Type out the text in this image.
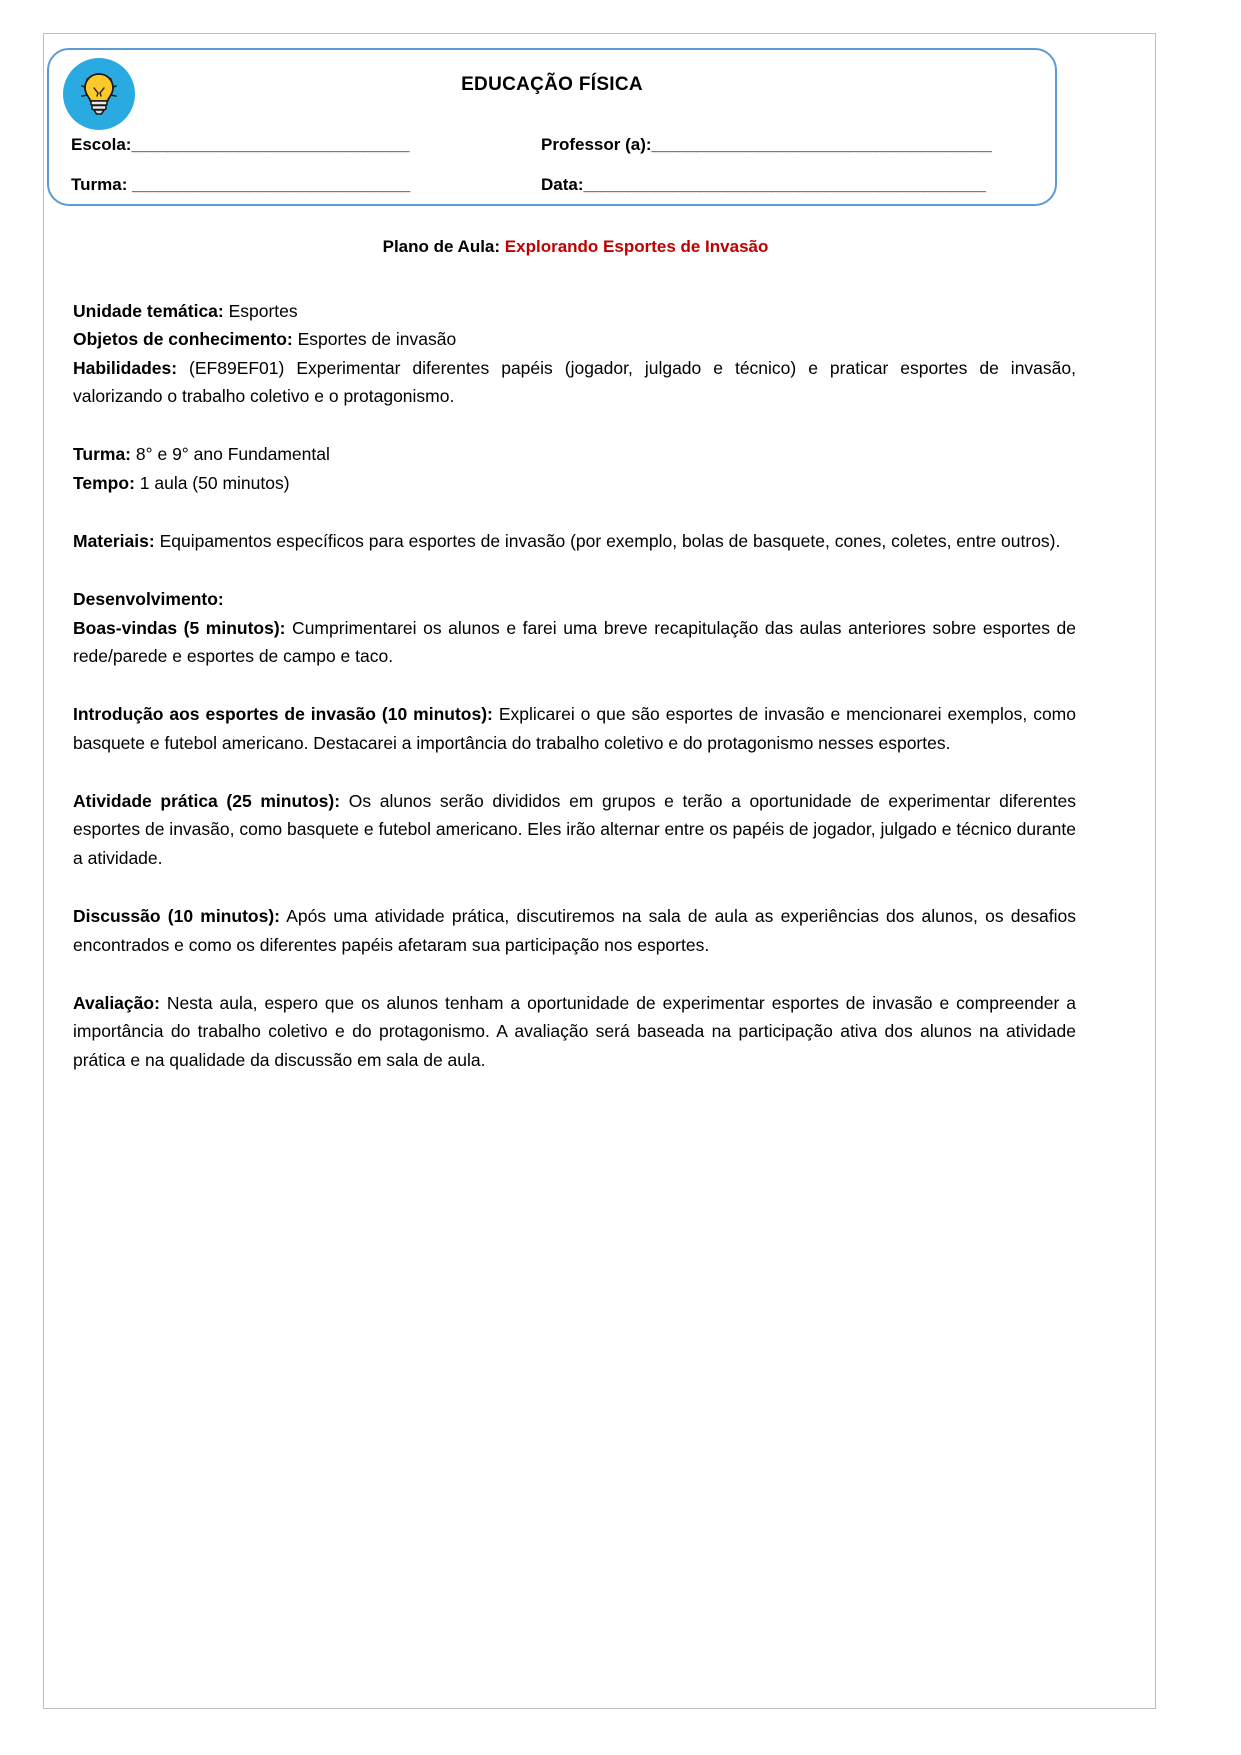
EDUCAÇÃO FÍSICA
Escola:_______________________________	Professor (a):______________________________________
Turma: _______________________________	Data:_____________________________________________
Plano de Aula: Explorando Esportes de Invasão

Unidade temática: Esportes

Objetos de conhecimento: Esportes de invasão

Habilidades: (EF89EF01) Experimentar diferentes papéis (jogador, julgado e técnico) e praticar esportes de invasão, valorizando o trabalho coletivo e o protagonismo.

Turma: 8° e 9° ano Fundamental

Tempo: 1 aula (50 minutos)

Materiais: Equipamentos específicos para esportes de invasão (por exemplo, bolas de basquete, cones, coletes, entre outros).

Desenvolvimento:

Boas-vindas (5 minutos): Cumprimentarei os alunos e farei uma breve recapitulação das aulas anteriores sobre esportes de rede/parede e esportes de campo e taco.

Introdução aos esportes de invasão (10 minutos): Explicarei o que são esportes de invasão e mencionarei exemplos, como basquete e futebol americano. Destacarei a importância do trabalho coletivo e do protagonismo nesses esportes.

Atividade prática (25 minutos): Os alunos serão divididos em grupos e terão a oportunidade de experimentar diferentes esportes de invasão, como basquete e futebol americano. Eles irão alternar entre os papéis de jogador, julgado e técnico durante a atividade.

Discussão (10 minutos): Após uma atividade prática, discutiremos na sala de aula as experiências dos alunos, os desafios encontrados e como os diferentes papéis afetaram sua participação nos esportes.

Avaliação: Nesta aula, espero que os alunos tenham a oportunidade de experimentar esportes de invasão e compreender a importância do trabalho coletivo e do protagonismo. A avaliação será baseada na participação ativa dos alunos na atividade prática e na qualidade da discussão em sala de aula.
